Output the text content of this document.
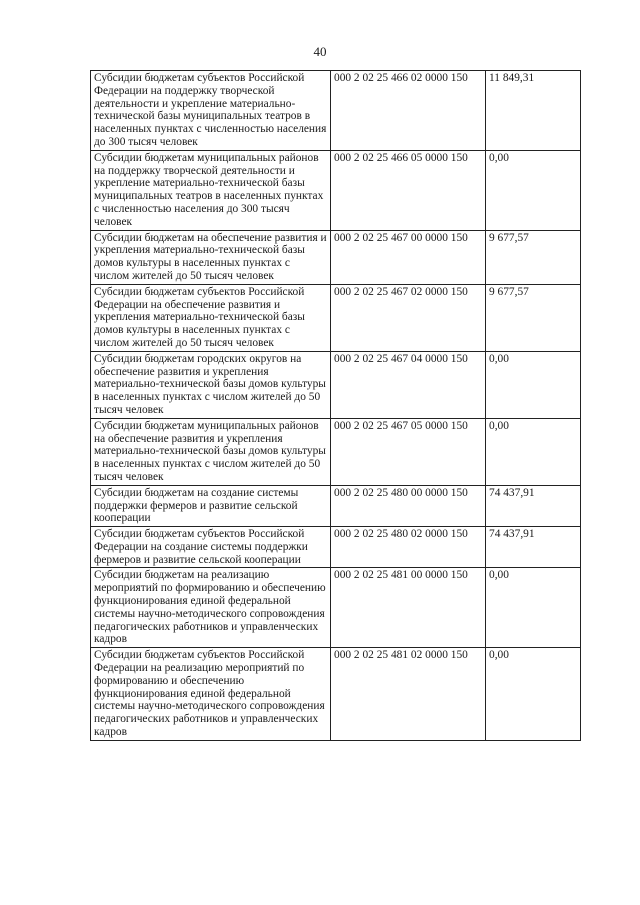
40
Субсидии бюджетам субъектов Российской Федерации на поддержку творческой деятельности и укрепление материально-технической базы муниципальных театров в населенных пунктах с численностью населения до 300 тысяч человек	000 2 02 25 466 02 0000 150	11 849,31
Субсидии бюджетам муниципальных районов на поддержку творческой деятельности и укрепление материально-технической базы муниципальных театров в населенных пунктах с численностью населения до 300 тысяч человек	000 2 02 25 466 05 0000 150	0,00
Субсидии бюджетам на обеспечение развития и укрепления материально-технической базы домов культуры в населенных пунктах с числом жителей до 50 тысяч человек	000 2 02 25 467 00 0000 150	9 677,57
Субсидии бюджетам субъектов Российской Федерации на обеспечение развития и укрепления материально-технической базы домов культуры в населенных пунктах с числом жителей до 50 тысяч человек	000 2 02 25 467 02 0000 150	9 677,57
Субсидии бюджетам городских округов на обеспечение развития и укрепления материально-технической базы домов культуры в населенных пунктах с числом жителей до 50 тысяч человек	000 2 02 25 467 04 0000 150	0,00
Субсидии бюджетам муниципальных районов на обеспечение развития и укрепления материально-технической базы домов культуры в населенных пунктах с числом жителей до 50 тысяч человек	000 2 02 25 467 05 0000 150	0,00
Субсидии бюджетам на создание системы поддержки фермеров и развитие сельской кооперации	000 2 02 25 480 00 0000 150	74 437,91
Субсидии бюджетам субъектов Российской Федерации на создание системы поддержки фермеров и развитие сельской кооперации	000 2 02 25 480 02 0000 150	74 437,91
Субсидии бюджетам на реализацию мероприятий по формированию и обеспечению функционирования единой федеральной системы научно-методического сопровождения педагогических работников и управленческих кадров	000 2 02 25 481 00 0000 150	0,00
Субсидии бюджетам субъектов Российской Федерации на реализацию мероприятий по формированию и обеспечению функционирования единой федеральной системы научно-методического сопровождения педагогических работников и управленческих кадров	000 2 02 25 481 02 0000 150	0,00
